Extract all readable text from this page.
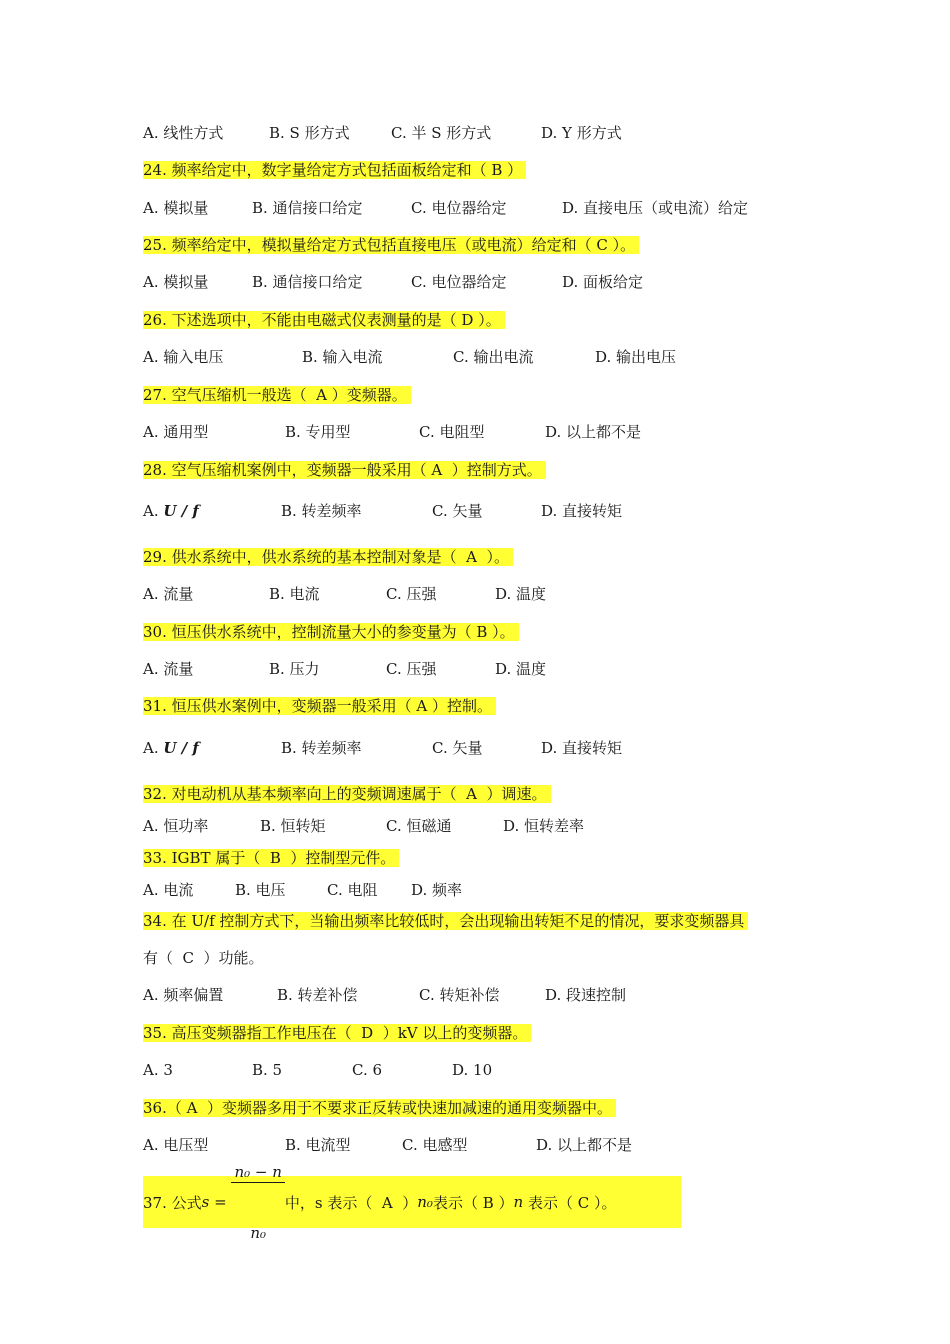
A. 线性方式	B. S 形方式	C. 半 S 形方式	D. Y 形方式
24. 频率给定中，数字量给定方式包括面板给定和（ B ）
A. 模拟量	B. 通信接口给定	C. 电位器给定	D. 直接电压（或电流）给定
25. 频率给定中，模拟量给定方式包括直接电压（或电流）给定和（ C ）。
A. 模拟量	B. 通信接口给定	C. 电位器给定	D. 面板给定
26. 下述选项中，不能由电磁式仪表测量的是（ D ）。
A. 输入电压	B. 输入电流	C. 输出电流	D. 输出电压
27. 空气压缩机一般选（  A ）变频器。
A. 通用型	B. 专用型	C. 电阻型	D. 以上都不是
28. 空气压缩机案例中，变频器一般采用（ A  ）控制方式。
A. U / f	B. 转差频率	C. 矢量	D. 直接转矩
29. 供水系统中，供水系统的基本控制对象是（  A  ）。
A. 流量	B. 电流	C. 压强	D. 温度
30. 恒压供水系统中，控制流量大小的参变量为（ B ）。
A. 流量	B. 压力	C. 压强	D. 温度
31. 恒压供水案例中，变频器一般采用（ A ）控制。
A. U / f	B. 转差频率	C. 矢量	D. 直接转矩
32. 对电动机从基本频率向上的变频调速属于（  A  ）调速。
A. 恒功率	B. 恒转矩	C. 恒磁通	D. 恒转差率
33. IGBT 属于（  B  ）控制型元件。
A. 电流	B. 电压	C. 电阻	D. 频率
34. 在 U/f 控制方式下，当输出频率比较低时，会出现输出转矩不足的情况，要求变频器具
有（  C  ）功能。
A. 频率偏置	B. 转差补偿	C. 转矩补偿	D. 段速控制
35. 高压变频器指工作电压在（  D  ）kV 以上的变频器。
A. 3	B. 5	C. 6	D. 10
36.（ A  ）变频器多用于不要求正反转或快速加减速的通用变频器中。
A. 电压型	B. 电流型	C. 电感型	D. 以上都不是
37. 公式 s =

$\frac{\text{n₀ − n}}{\text{n₀}}$

中，s 表示（  A  ） n₀ 表示（ B ） n 表示（ C ）。
